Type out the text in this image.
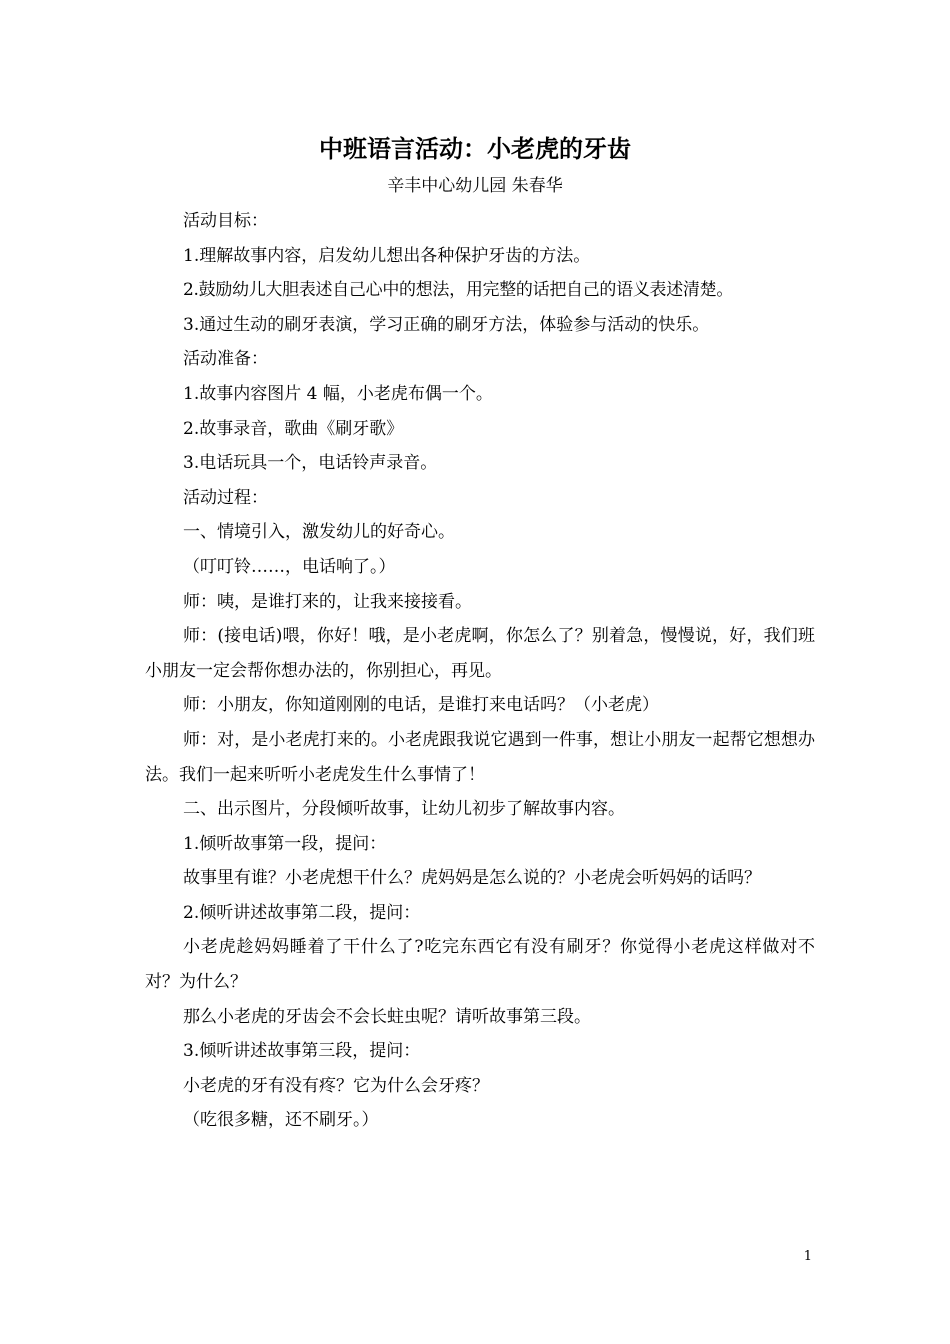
中班语言活动：小老虎的牙齿
辛丰中心幼儿园 朱春华

活动目标：

1.理解故事内容，启发幼儿想出各种保护牙齿的方法。

2.鼓励幼儿大胆表述自己心中的想法，用完整的话把自己的语义表述清楚。

3.通过生动的刷牙表演，学习正确的刷牙方法，体验参与活动的快乐。

活动准备：

1.故事内容图片 4 幅，小老虎布偶一个。

2.故事录音，歌曲《刷牙歌》

3.电话玩具一个，电话铃声录音。

活动过程：

一、情境引入，激发幼儿的好奇心。

（叮叮铃……，电话响了。）

师：咦，是谁打来的，让我来接接看。

师：(接电话)喂，你好！哦，是小老虎啊，你怎么了？别着急，慢慢说，好，我们班小朋友一定会帮你想办法的，你别担心，再见。

师：小朋友，你知道刚刚的电话，是谁打来电话吗？（小老虎）

师：对，是小老虎打来的。小老虎跟我说它遇到一件事，想让小朋友一起帮它想想办法。我们一起来听听小老虎发生什么事情了！

二、出示图片，分段倾听故事，让幼儿初步了解故事内容。

1.倾听故事第一段，提问：

故事里有谁？小老虎想干什么？虎妈妈是怎么说的？小老虎会听妈妈的话吗？

2.倾听讲述故事第二段，提问：

小老虎趁妈妈睡着了干什么了?吃完东西它有没有刷牙？你觉得小老虎这样做对不对？为什么？

那么小老虎的牙齿会不会长蛀虫呢？请听故事第三段。

3.倾听讲述故事第三段，提问：

小老虎的牙有没有疼？它为什么会牙疼？

（吃很多糖，还不刷牙。）

1
